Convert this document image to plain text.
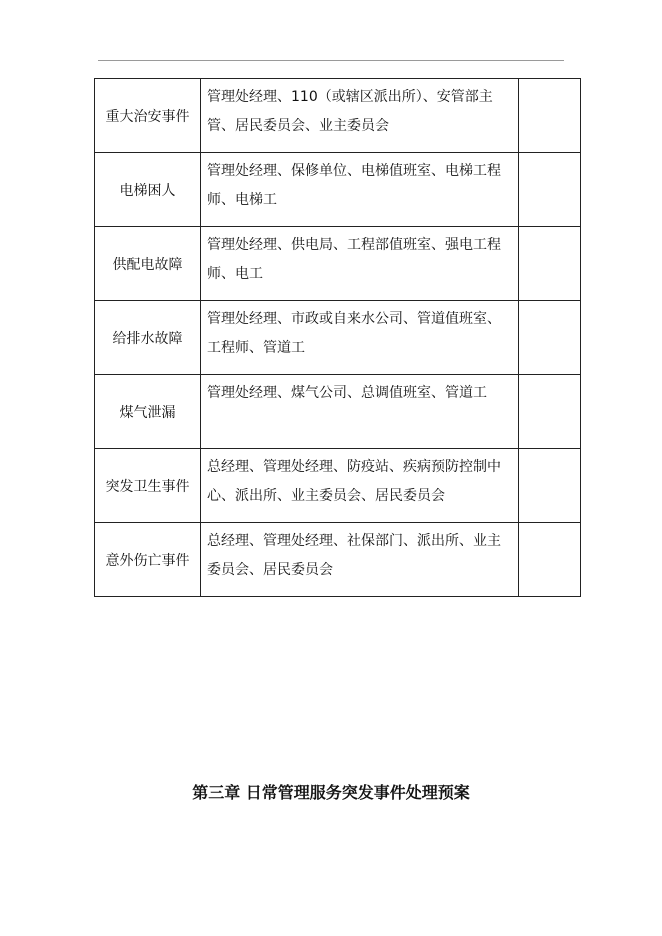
重大治安事件	管理处经理、110（或辖区派出所）、安管部主管、居民委员会、业主委员会	
电梯困人	管理处经理、保修单位、电梯值班室、电梯工程师、电梯工	
供配电故障	管理处经理、供电局、工程部值班室、强电工程师、电工	
给排水故障	管理处经理、市政或自来水公司、管道值班室、工程师、管道工	
煤气泄漏	管理处经理、煤气公司、总调值班室、管道工	
突发卫生事件	总经理、管理处经理、防疫站、疾病预防控制中心、派出所、业主委员会、居民委员会	
意外伤亡事件	总经理、管理处经理、社保部门、派出所、业主委员会、居民委员会	
第三章 日常管理服务突发事件处理预案
